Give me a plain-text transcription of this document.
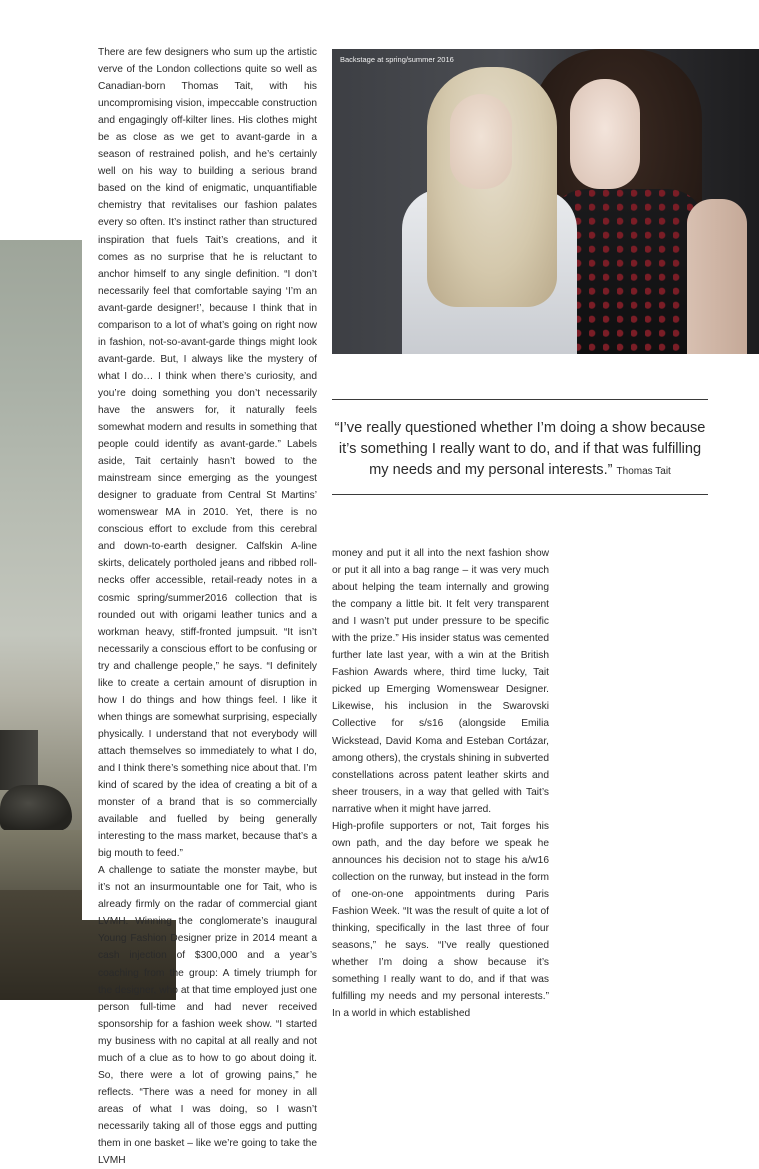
There are few designers who sum up the artistic verve of the London collections quite so well as Canadian-born Thomas Tait, with his uncompromising vision, impeccable construction and engagingly off-kilter lines. His clothes might be as close as we get to avant-garde in a season of restrained polish, and he’s certainly well on his way to building a serious brand based on the kind of enigmatic, unquantifiable chemistry that revitalises our fashion palates every so often. It’s instinct rather than structured inspiration that fuels Tait’s creations, and it comes as no surprise that he is reluctant to anchor himself to any single definition. “I don’t necessarily feel that comfortable saying ‘I’m an avant-garde designer!’, because I think that in comparison to a lot of what’s going on right now in fashion, not-so-avant-garde things might look avant-garde. But, I always like the mystery of what I do… I think when there’s curiosity, and you’re doing something you don’t necessarily have the answers for, it naturally feels somewhat modern and results in something that people could identify as avant-garde.” Labels aside, Tait certainly hasn’t bowed to the mainstream since emerging as the youngest designer to graduate from Central St Martins’ womenswear MA in 2010. Yet, there is no conscious effort to exclude from this cerebral and down-to-earth designer. Calfskin A-line skirts, delicately portholed jeans and ribbed roll-necks offer accessible, retail-ready notes in a cosmic spring/summer2016 collection that is rounded out with origami leather tunics and a workman heavy, stiff-fronted jumpsuit. “It isn’t necessarily a conscious effort to be confusing or try and challenge people,” he says. “I definitely like to create a certain amount of disruption in how I do things and how things feel. I like it when things are somewhat surprising, especially physically. I understand that not everybody will attach themselves so immediately to what I do, and I think there’s something nice about that. I’m kind of scared by the idea of creating a bit of a monster of a brand that is so commercially available and fuelled by being generally interesting to the mass market, because that’s a big mouth to feed.”

A challenge to satiate the monster maybe, but it’s not an insurmountable one for Tait, who is already firmly on the radar of commercial giant LVMH. Winning the conglomerate’s inaugural Young Fashion Designer prize in 2014 meant a cash injection of $300,000 and a year’s coaching from the group: A timely triumph for the designer, who at that time employed just one person full-time and had never received sponsorship for a fashion week show. “I started my business with no capital at all really and not much of a clue as to how to go about doing it. So, there were a lot of growing pains,” he reflects. “There was a need for money in all areas of what I was doing, so I wasn’t necessarily taking all of those eggs and putting them in one basket – like we’re going to take the LVMH

Backstage at spring/summer 2016
“I’ve really questioned whether I’m doing a show because it’s something I really want to do, and if that was fulfilling my needs and my personal interests.” Thomas Tait

money and put it all into the next fashion show or put it all into a bag range – it was very much about helping the team internally and growing the company a little bit. It felt very transparent and I wasn’t put under pressure to be specific with the prize.” His insider status was cemented further late last year, with a win at the British Fashion Awards where, third time lucky, Tait picked up Emerging Womenswear Designer. Likewise, his inclusion in the Swarovski Collective for s/s16 (alongside Emilia Wickstead, David Koma and Esteban Cortázar, among others), the crystals shining in subverted constellations across patent leather skirts and sheer trousers, in a way that gelled with Tait’s narrative when it might have jarred.

High-profile supporters or not, Tait forges his own path, and the day before we speak he announces his decision not to stage his a/w16 collection on the runway, but instead in the form of one-on-one appointments during Paris Fashion Week. “It was the result of quite a lot of thinking, specifically in the last three of four seasons,” he says. “I’ve really questioned whether I’m doing a show because it’s something I really want to do, and if that was fulfilling my needs and my personal interests.” In a world in which established
